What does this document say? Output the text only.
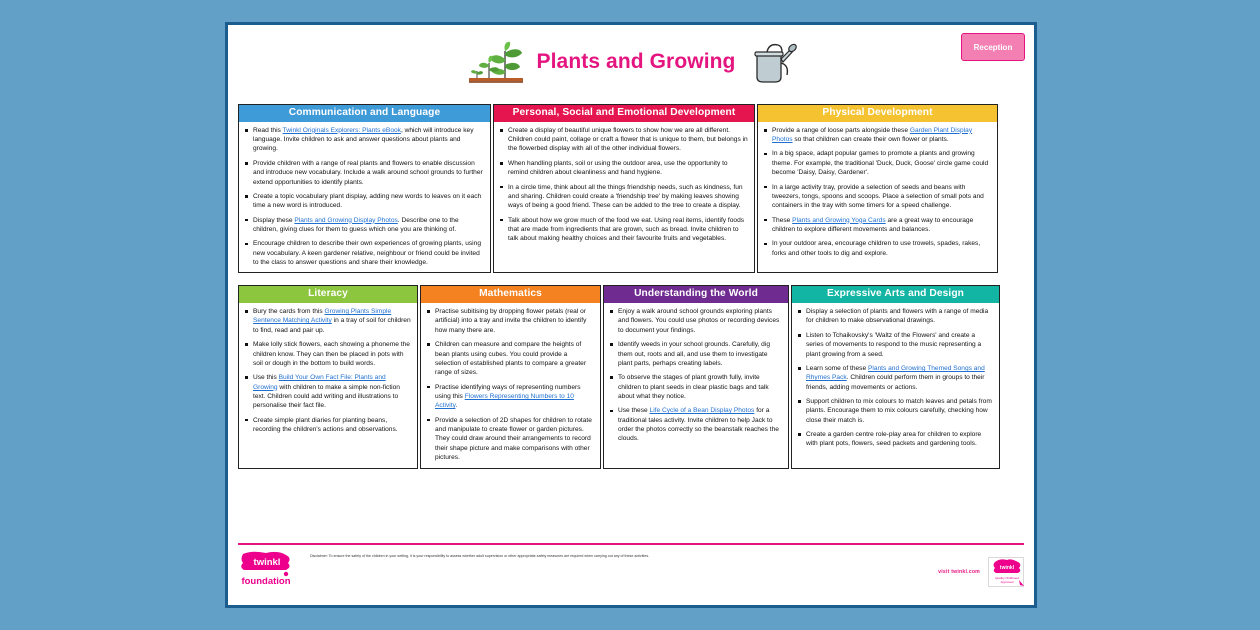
Plants and Growing
Reception
Communication and Language
Read this Twinkl Originals Explorers: Plants eBook, which will introduce key language. Invite children to ask and answer questions about plants and growing.
Provide children with a range of real plants and flowers to enable discussion and introduce new vocabulary. Include a walk around school grounds to further extend opportunities to identify plants.
Create a topic vocabulary plant display, adding new words to leaves on it each time a new word is introduced.
Display these Plants and Growing Display Photos. Describe one to the children, giving clues for them to guess which one you are thinking of.
Encourage children to describe their own experiences of growing plants, using new vocabulary. A keen gardener relative, neighbour or friend could be invited to the class to answer questions and share their knowledge.
Personal, Social and Emotional Development
Create a display of beautiful unique flowers to show how we are all different. Children could paint, collage or craft a flower that is unique to them, but belongs in the flowerbed display with all of the other individual flowers.
When handling plants, soil or using the outdoor area, use the opportunity to remind children about cleanliness and hand hygiene.
In a circle time, think about all the things friendship needs, such as kindness, fun and sharing. Children could create a 'friendship tree' by making leaves showing ways of being a good friend. These can be added to the tree to create a display.
Talk about how we grow much of the food we eat. Using real items, identify foods that are made from ingredients that are grown, such as bread. Invite children to talk about making healthy choices and their favourite fruits and vegetables.
Physical Development
Provide a range of loose parts alongside these Garden Plant Display Photos so that children can create their own flower or plants.
In a big space, adapt popular games to promote a plants and growing theme. For example, the traditional 'Duck, Duck, Goose' circle game could become 'Daisy, Daisy, Gardener'.
In a large activity tray, provide a selection of seeds and beans with tweezers, tongs, spoons and scoops. Place a selection of small pots and containers in the tray with some timers for a speed challenge.
These Plants and Growing Yoga Cards are a great way to encourage children to explore different movements and balances.
In your outdoor area, encourage children to use trowels, spades, rakes, forks and other tools to dig and explore.
Literacy
Bury the cards from this Growing Plants Simple Sentence Matching Activity in a tray of soil for children to find, read and pair up.
Make lolly stick flowers, each showing a phoneme the children know. They can then be placed in pots with soil or dough in the bottom to build words.
Use this Build Your Own Fact File: Plants and Growing with children to make a simple non-fiction text. Children could add writing and illustrations to personalise their fact file.
Create simple plant diaries for planting beans, recording the children's actions and observations.
Mathematics
Practise subitising by dropping flower petals (real or artificial) into a tray and invite the children to identify how many there are.
Children can measure and compare the heights of bean plants using cubes. You could provide a selection of established plants to compare a greater range of sizes.
Practise identifying ways of representing numbers using this Flowers Representing Numbers to 10 Activity.
Provide a selection of 2D shapes for children to rotate and manipulate to create flower or garden pictures. They could draw around their arrangements to record their shape picture and make comparisons with other pictures.
Understanding the World
Enjoy a walk around school grounds exploring plants and flowers. You could use photos or recording devices to document your findings.
Identify weeds in your school grounds. Carefully, dig them out, roots and all, and use them to investigate plant parts, perhaps creating labels.
To observe the stages of plant growth fully, invite children to plant seeds in clear plastic bags and talk about what they notice.
Use these Life Cycle of a Bean Display Photos for a traditional tales activity. Invite children to help Jack to order the photos correctly so the beanstalk reaches the clouds.
Expressive Arts and Design
Display a selection of plants and flowers with a range of media for children to make observational drawings.
Listen to Tchaikovsky's 'Waltz of the Flowers' and create a series of movements to respond to the music representing a plant growing from a seed.
Learn some of these Plants and Growing Themed Songs and Rhymes Pack. Children could perform them in groups to their friends, adding movements or actions.
Support children to mix colours to match leaves and petals from plants. Encourage them to mix colours carefully, checking how close their match is.
Create a garden centre role-play area for children to explore with plant pots, flowers, seed packets and gardening tools.
twinkl
foundation
Disclaimer: To ensure the safety of the children in your setting, it is your responsibility to assess whether adult supervision or other appropriate safety measures are required when carrying out any of these activities.
visit twinkl.com
twinkl
Quality Childhood
Approved
